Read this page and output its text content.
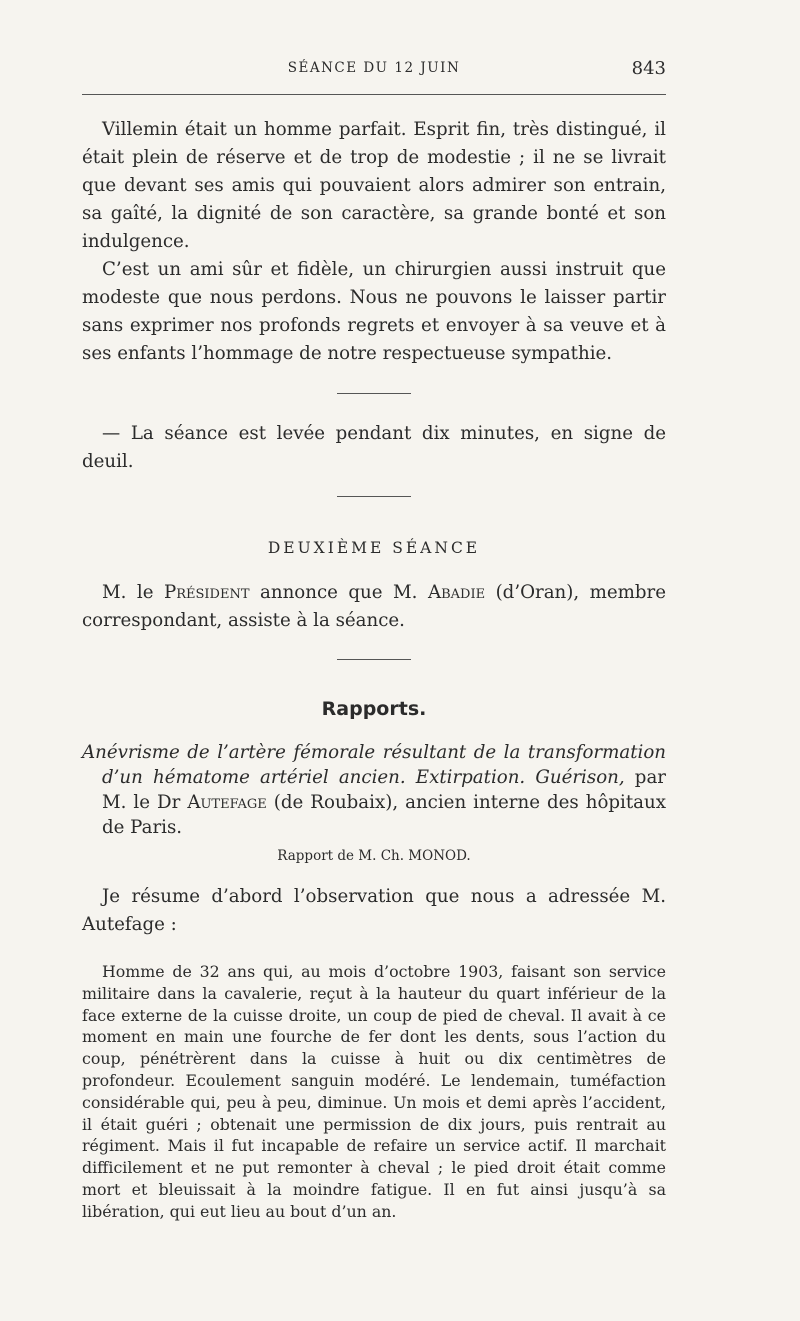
SÉANCE DU 12 JUIN	843

Villemin était un homme parfait. Esprit fin, très distingué, il était plein de réserve et de trop de modestie ; il ne se livrait que devant ses amis qui pouvaient alors admirer son entrain, sa gaîté, la dignité de son caractère, sa grande bonté et son indulgence.

C’est un ami sûr et fidèle, un chirurgien aussi instruit que modeste que nous perdons. Nous ne pouvons le laisser partir sans exprimer nos profonds regrets et envoyer à sa veuve et à ses enfants l’hommage de notre respectueuse sympathie.

— La séance est levée pendant dix minutes, en signe de deuil.

DEUXIÈME SÉANCE

M. le Président annonce que M. Abadie (d’Oran), membre correspondant, assiste à la séance.

Rapports.

Anévrisme de l’artère fémorale résultant de la transformation d’un hématome artériel ancien. Extirpation. Guérison, par M. le Dr Autefage (de Roubaix), ancien interne des hôpitaux de Paris.

Rapport de M. Ch. MONOD.

Je résume d’abord l’observation que nous a adressée M. Autefage :

Homme de 32 ans qui, au mois d’octobre 1903, faisant son service militaire dans la cavalerie, reçut à la hauteur du quart inférieur de la face externe de la cuisse droite, un coup de pied de cheval. Il avait à ce moment en main une fourche de fer dont les dents, sous l’action du coup, pénétrèrent dans la cuisse à huit ou dix centimètres de profondeur. Ecoulement sanguin modéré. Le lendemain, tuméfaction considérable qui, peu à peu, diminue. Un mois et demi après l’accident, il était guéri ; obtenait une permission de dix jours, puis rentrait au régiment. Mais il fut incapable de refaire un service actif. Il marchait difficilement et ne put remonter à cheval ; le pied droit était comme mort et bleuissait à la moindre fatigue. Il en fut ainsi jusqu’à sa libération, qui eut lieu au bout d’un an.
